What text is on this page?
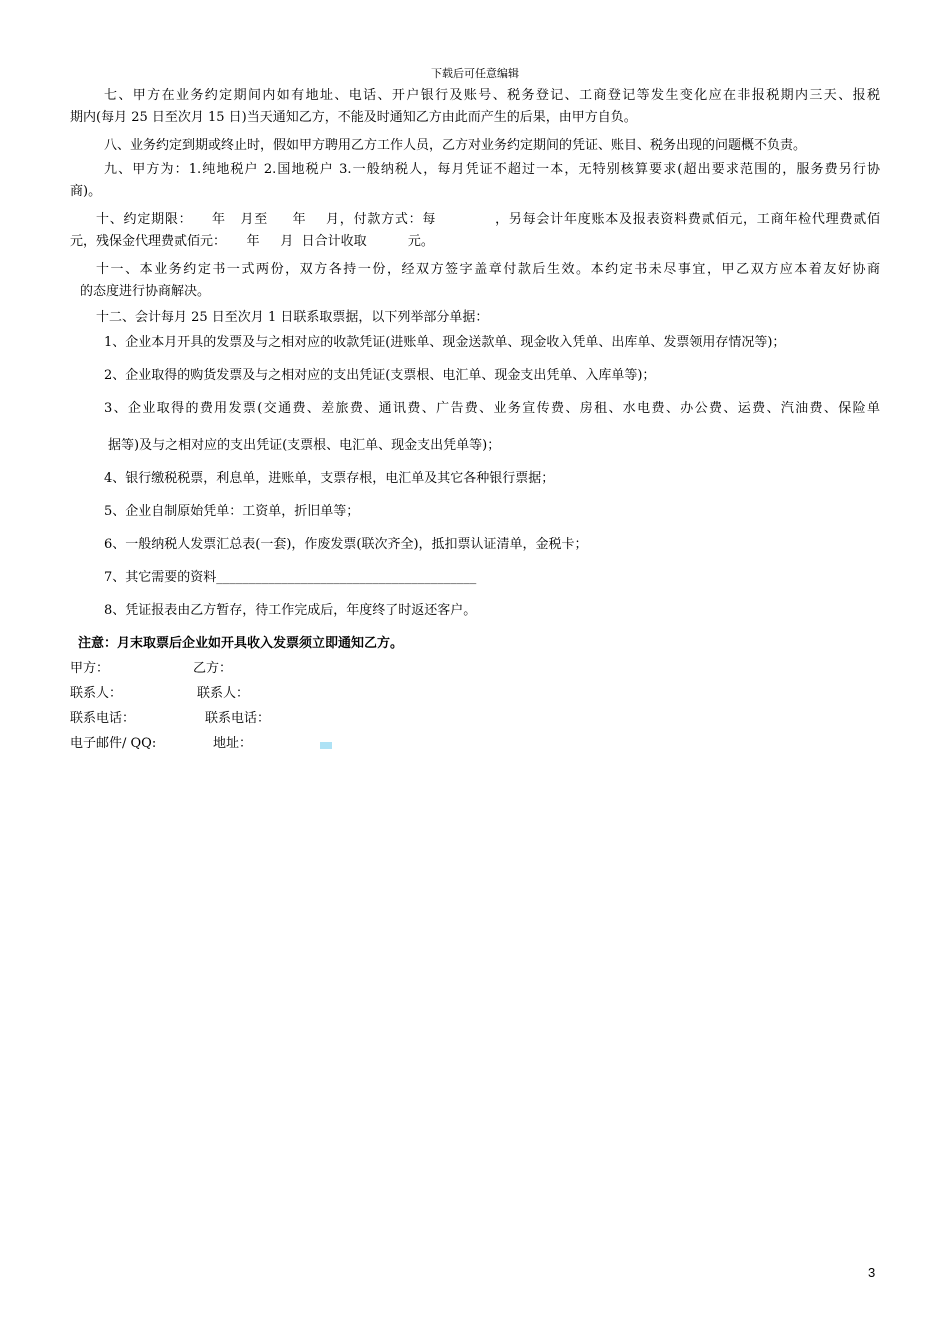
下载后可任意编辑
七、甲方在业务约定期间内如有地址、电话、开户银行及账号、税务登记、工商登记等发生变化应在非报税期内三天、报税
期内(每月 25 日至次月 15 日)当天通知乙方，不能及时通知乙方由此而产生的后果，由甲方自负。
八、业务约定到期或终止时，假如甲方聘用乙方工作人员，乙方对业务约定期间的凭证、账目、税务出现的问题概不负责。
九、甲方为：1.纯地税户 2.国地税户 3.一般纳税人，每月凭证不超过一本，无特别核算要求(超出要求范围的，服务费另行协
商)。
十、约定期限：    年   月至     年    月，付款方式：每            ，另每会计年度账本及报表资料费贰佰元，工商年检代理费贰佰
元，残保金代理费贰佰元：     年     月  日合计收取          元。
十一、本业务约定书一式两份，双方各持一份，经双方签字盖章付款后生效。本约定书未尽事宜，甲乙双方应本着友好协商
的态度进行协商解决。
十二、会计每月 25 日至次月 1 日联系取票据，以下列举部分单据：
1、企业本月开具的发票及与之相对应的收款凭证(进账单、现金送款单、现金收入凭单、出库单、发票领用存情况等)；
2、企业取得的购货发票及与之相对应的支出凭证(支票根、电汇单、现金支出凭单、入库单等)；
3、企业取得的费用发票(交通费、差旅费、通讯费、广告费、业务宣传费、房租、水电费、办公费、运费、汽油费、保险单
据等)及与之相对应的支出凭证(支票根、电汇单、现金支出凭单等)；
4、银行缴税税票，利息单，进账单，支票存根，电汇单及其它各种银行票据；
5、企业自制原始凭单：工资单，折旧单等；
6、一般纳税人发票汇总表(一套)，作废发票(联次齐全)，抵扣票认证清单，金税卡；
7、其它需要的资料________________________________________
8、凭证报表由乙方暂存，待工作完成后，年度终了时返还客户。
注意：月末取票后企业如开具收入发票须立即通知乙方。
甲方：	乙方：
联系人：	联系人：
联系电话：	联系电话：
电子邮件/ QQ:	地址：
3
